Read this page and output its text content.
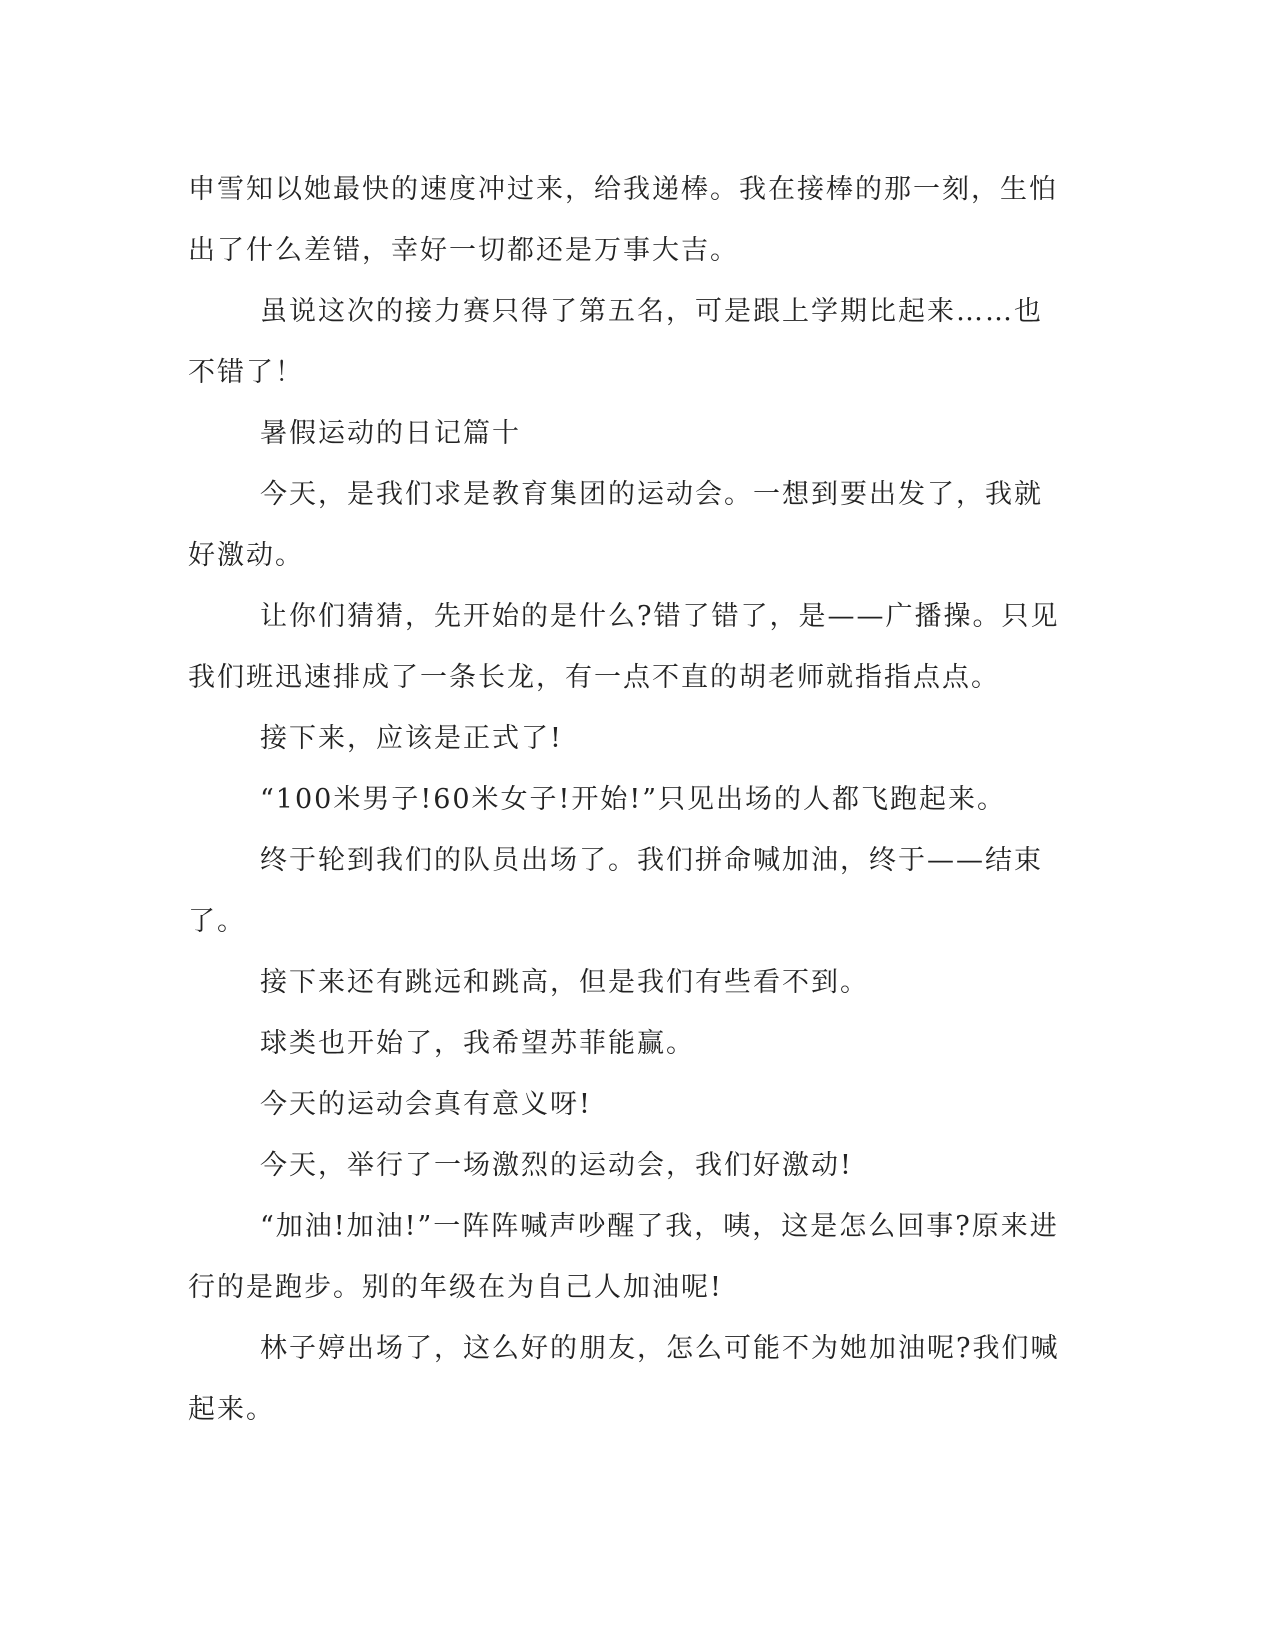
申雪知以她最快的速度冲过来，给我递棒。我在接棒的那一刻，生怕出了什么差错，幸好一切都还是万事大吉。

虽说这次的接力赛只得了第五名，可是跟上学期比起来……也不错了！

暑假运动的日记篇十

今天，是我们求是教育集团的运动会。一想到要出发了，我就好激动。

让你们猜猜，先开始的是什么?错了错了，是——广播操。只见我们班迅速排成了一条长龙，有一点不直的胡老师就指指点点。

接下来，应该是正式了!

“100米男子!60米女子!开始!”只见出场的人都飞跑起来。

终于轮到我们的队员出场了。我们拼命喊加油，终于——结束了。

接下来还有跳远和跳高，但是我们有些看不到。

球类也开始了，我希望苏菲能赢。

今天的运动会真有意义呀!

今天，举行了一场激烈的运动会，我们好激动!

“加油!加油!”一阵阵喊声吵醒了我，咦，这是怎么回事?原来进行的是跑步。别的年级在为自己人加油呢!

林子婷出场了，这么好的朋友，怎么可能不为她加油呢?我们喊起来。
